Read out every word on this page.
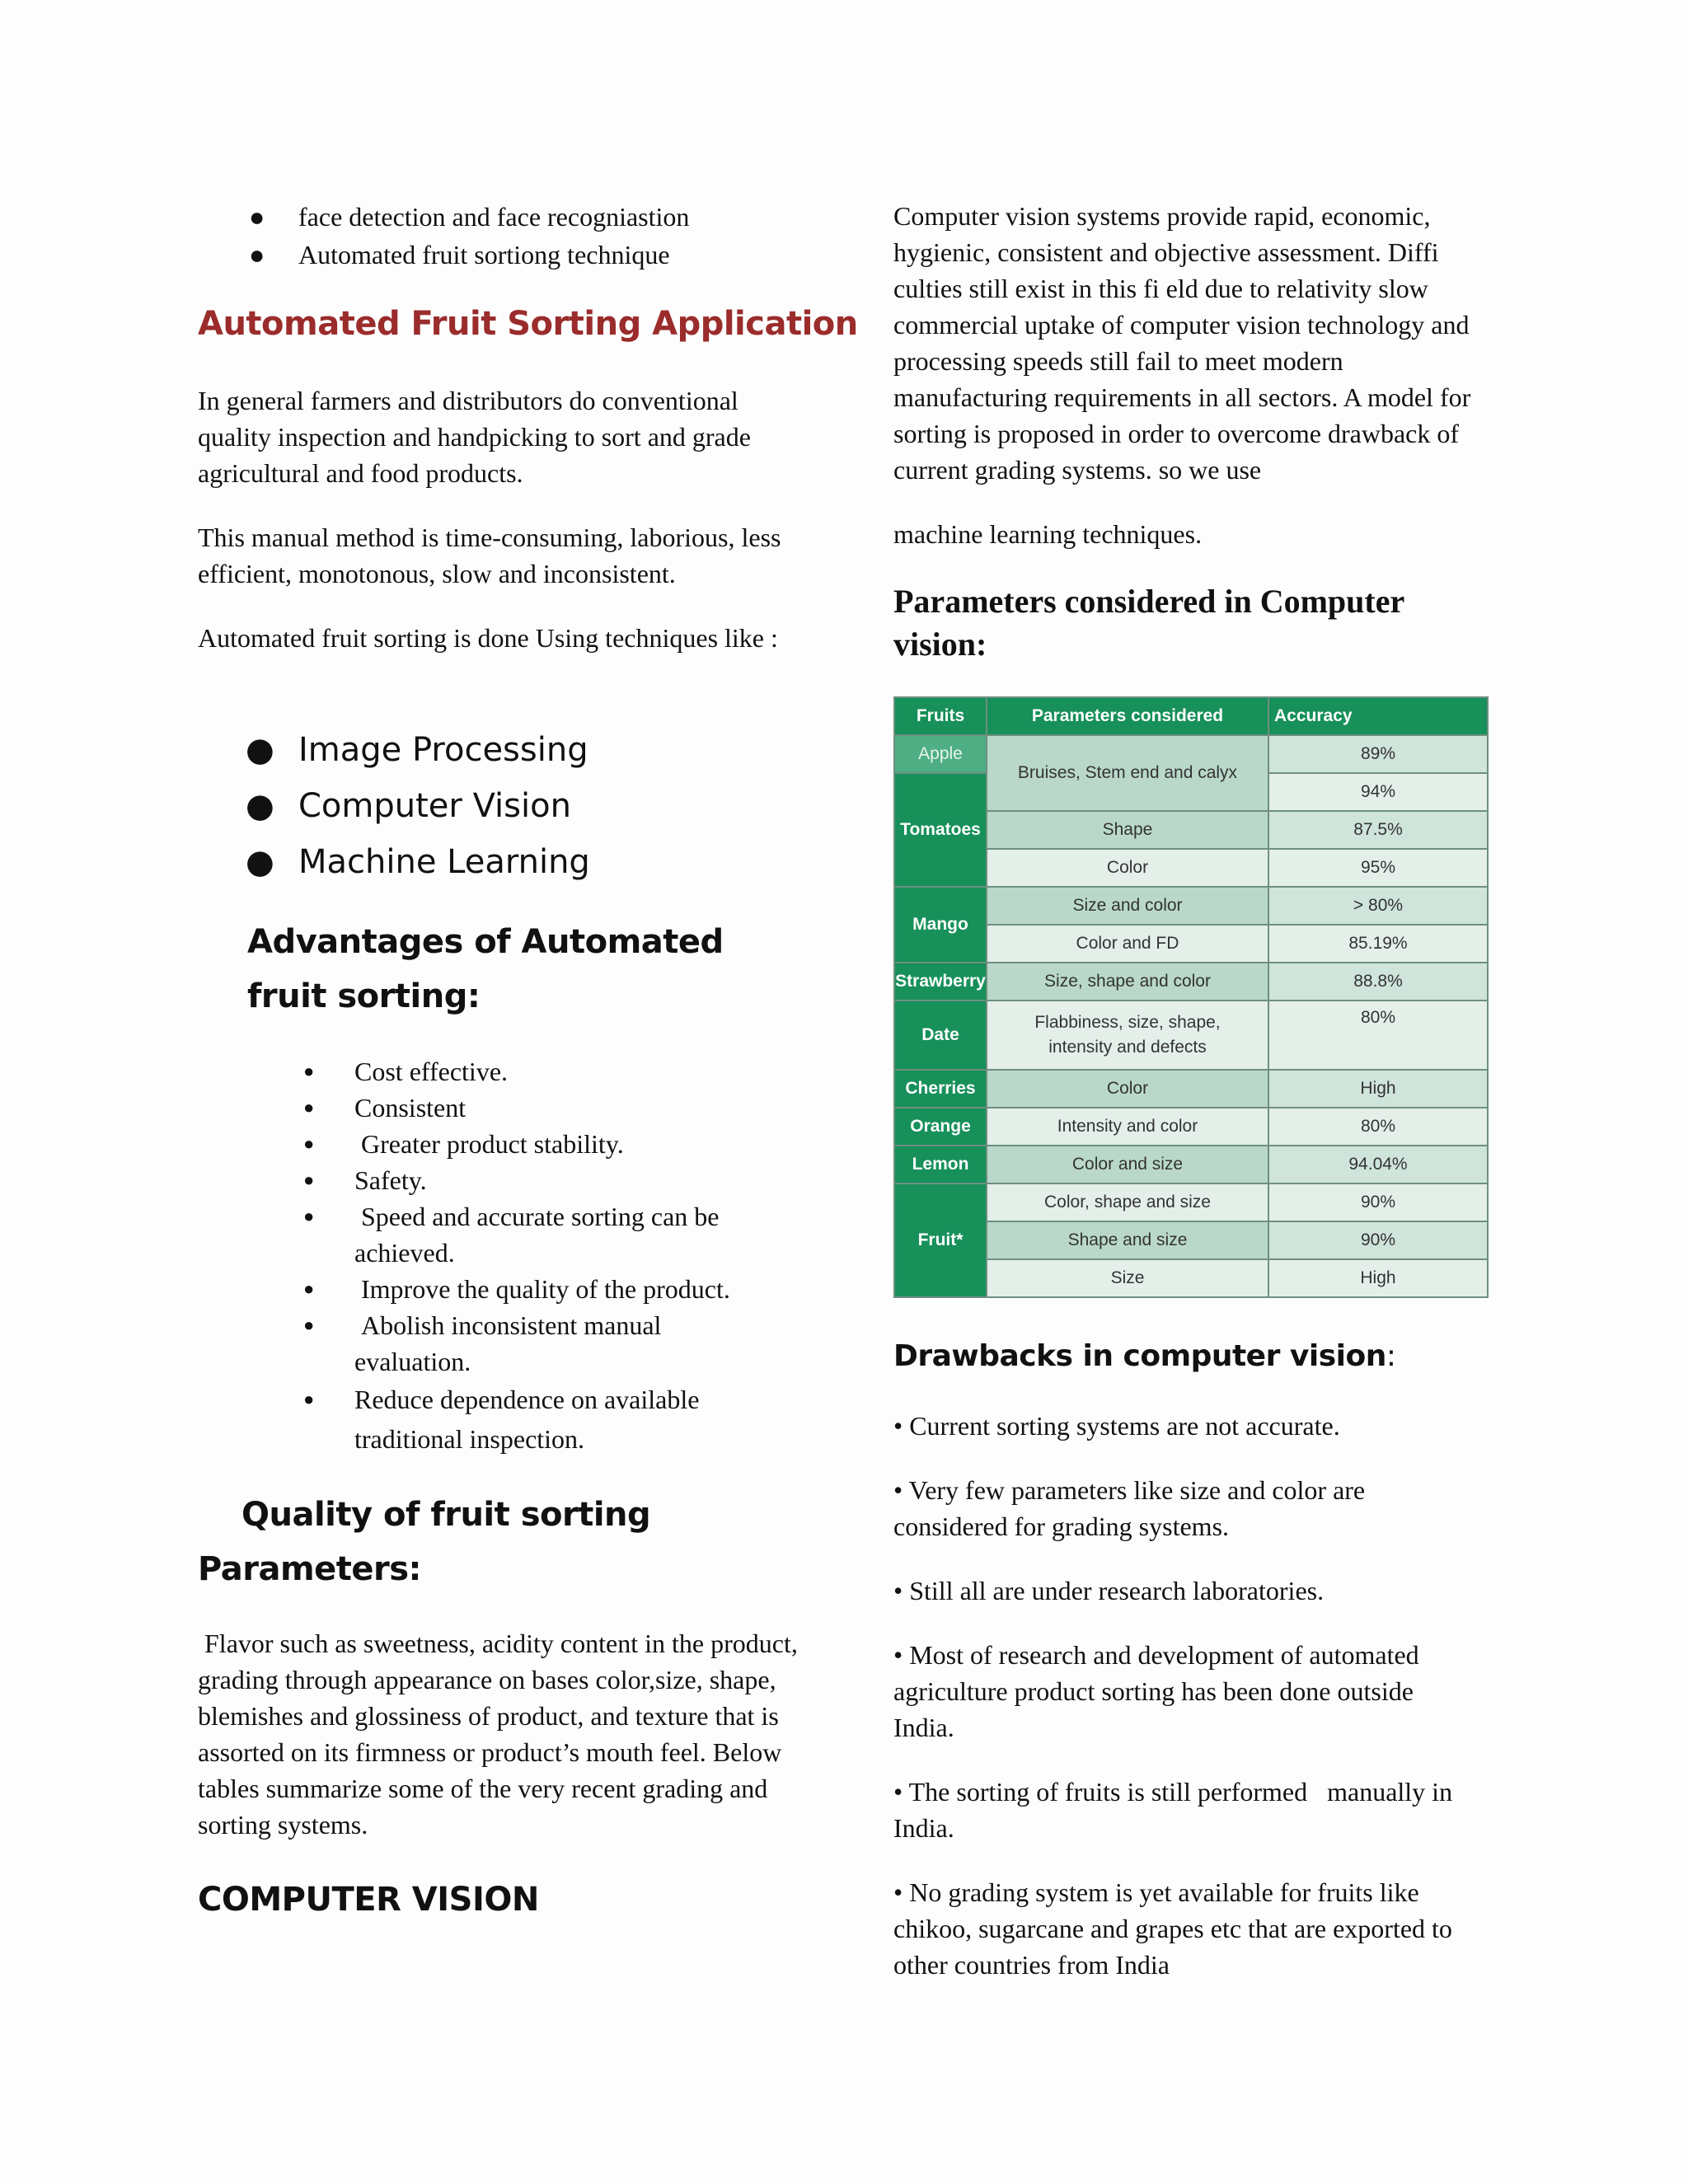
● face detection and face recogniastion
● Automated fruit sortiong technique
Automated Fruit Sorting Application

In general farmers and distributors do conventional quality inspection and handpicking to sort and grade agricultural and food products.

This manual method is time-consuming, laborious, less efficient, monotonous, slow and inconsistent.

Automated fruit sorting is done Using techniques like :

● Image Processing
● Computer Vision
● Machine Learning
Advantages of Automated fruit sorting:
● Cost effective.
● Consistent
● Greater product stability.
● Safety.
● Speed and accurate sorting can be achieved.
● Improve the quality of the product.
● Abolish inconsistent manual evaluation.
● Reduce dependence on available traditional inspection.
Quality of fruit sorting
Parameters:

Flavor such as sweetness, acidity content in the product, grading through appearance on bases color,size, shape, blemishes and glossiness of product, and texture that is assorted on its firmness or product’s mouth feel. Below tables summarize some of the very recent grading and sorting systems.

COMPUTER VISION

Computer vision systems provide rapid, economic, hygienic, consistent and objective assessment. Diffi culties still exist in this fi eld due to relativity slow commercial uptake of computer vision technology and processing speeds still fail to meet modern manufacturing requirements in all sectors. A model for sorting is proposed in order to overcome drawback of current grading systems. so we use

machine learning techniques.

Parameters considered in Computer vision:
Fruits	Parameters considered	Accuracy
Apple	Bruises, Stem end and calyx	89%
Tomatoes		94%
	Shape	87.5%
	Color	95%
Mango	Size and color	> 80%
	Color and FD	85.19%
Strawberry	Size, shape and color	88.8%
Date	Flabbiness, size, shape, intensity and defects	80%
Cherries	Color	High
Orange	Intensity and color	80%
Lemon	Color and size	94.04%
Fruit*	Color, shape and size	90%
	Shape and size	90%
	Size	High
Drawbacks in computer vision:

• Current sorting systems are not accurate.

• Very few parameters like size and color are considered for grading systems.

• Still all are under research laboratories.

• Most of research and development of automated agriculture product sorting has been done outside India.

• The sorting of fruits is still performed   manually in India.

• No grading system is yet available for fruits like chikoo, sugarcane and grapes etc that are exported to other countries from India
